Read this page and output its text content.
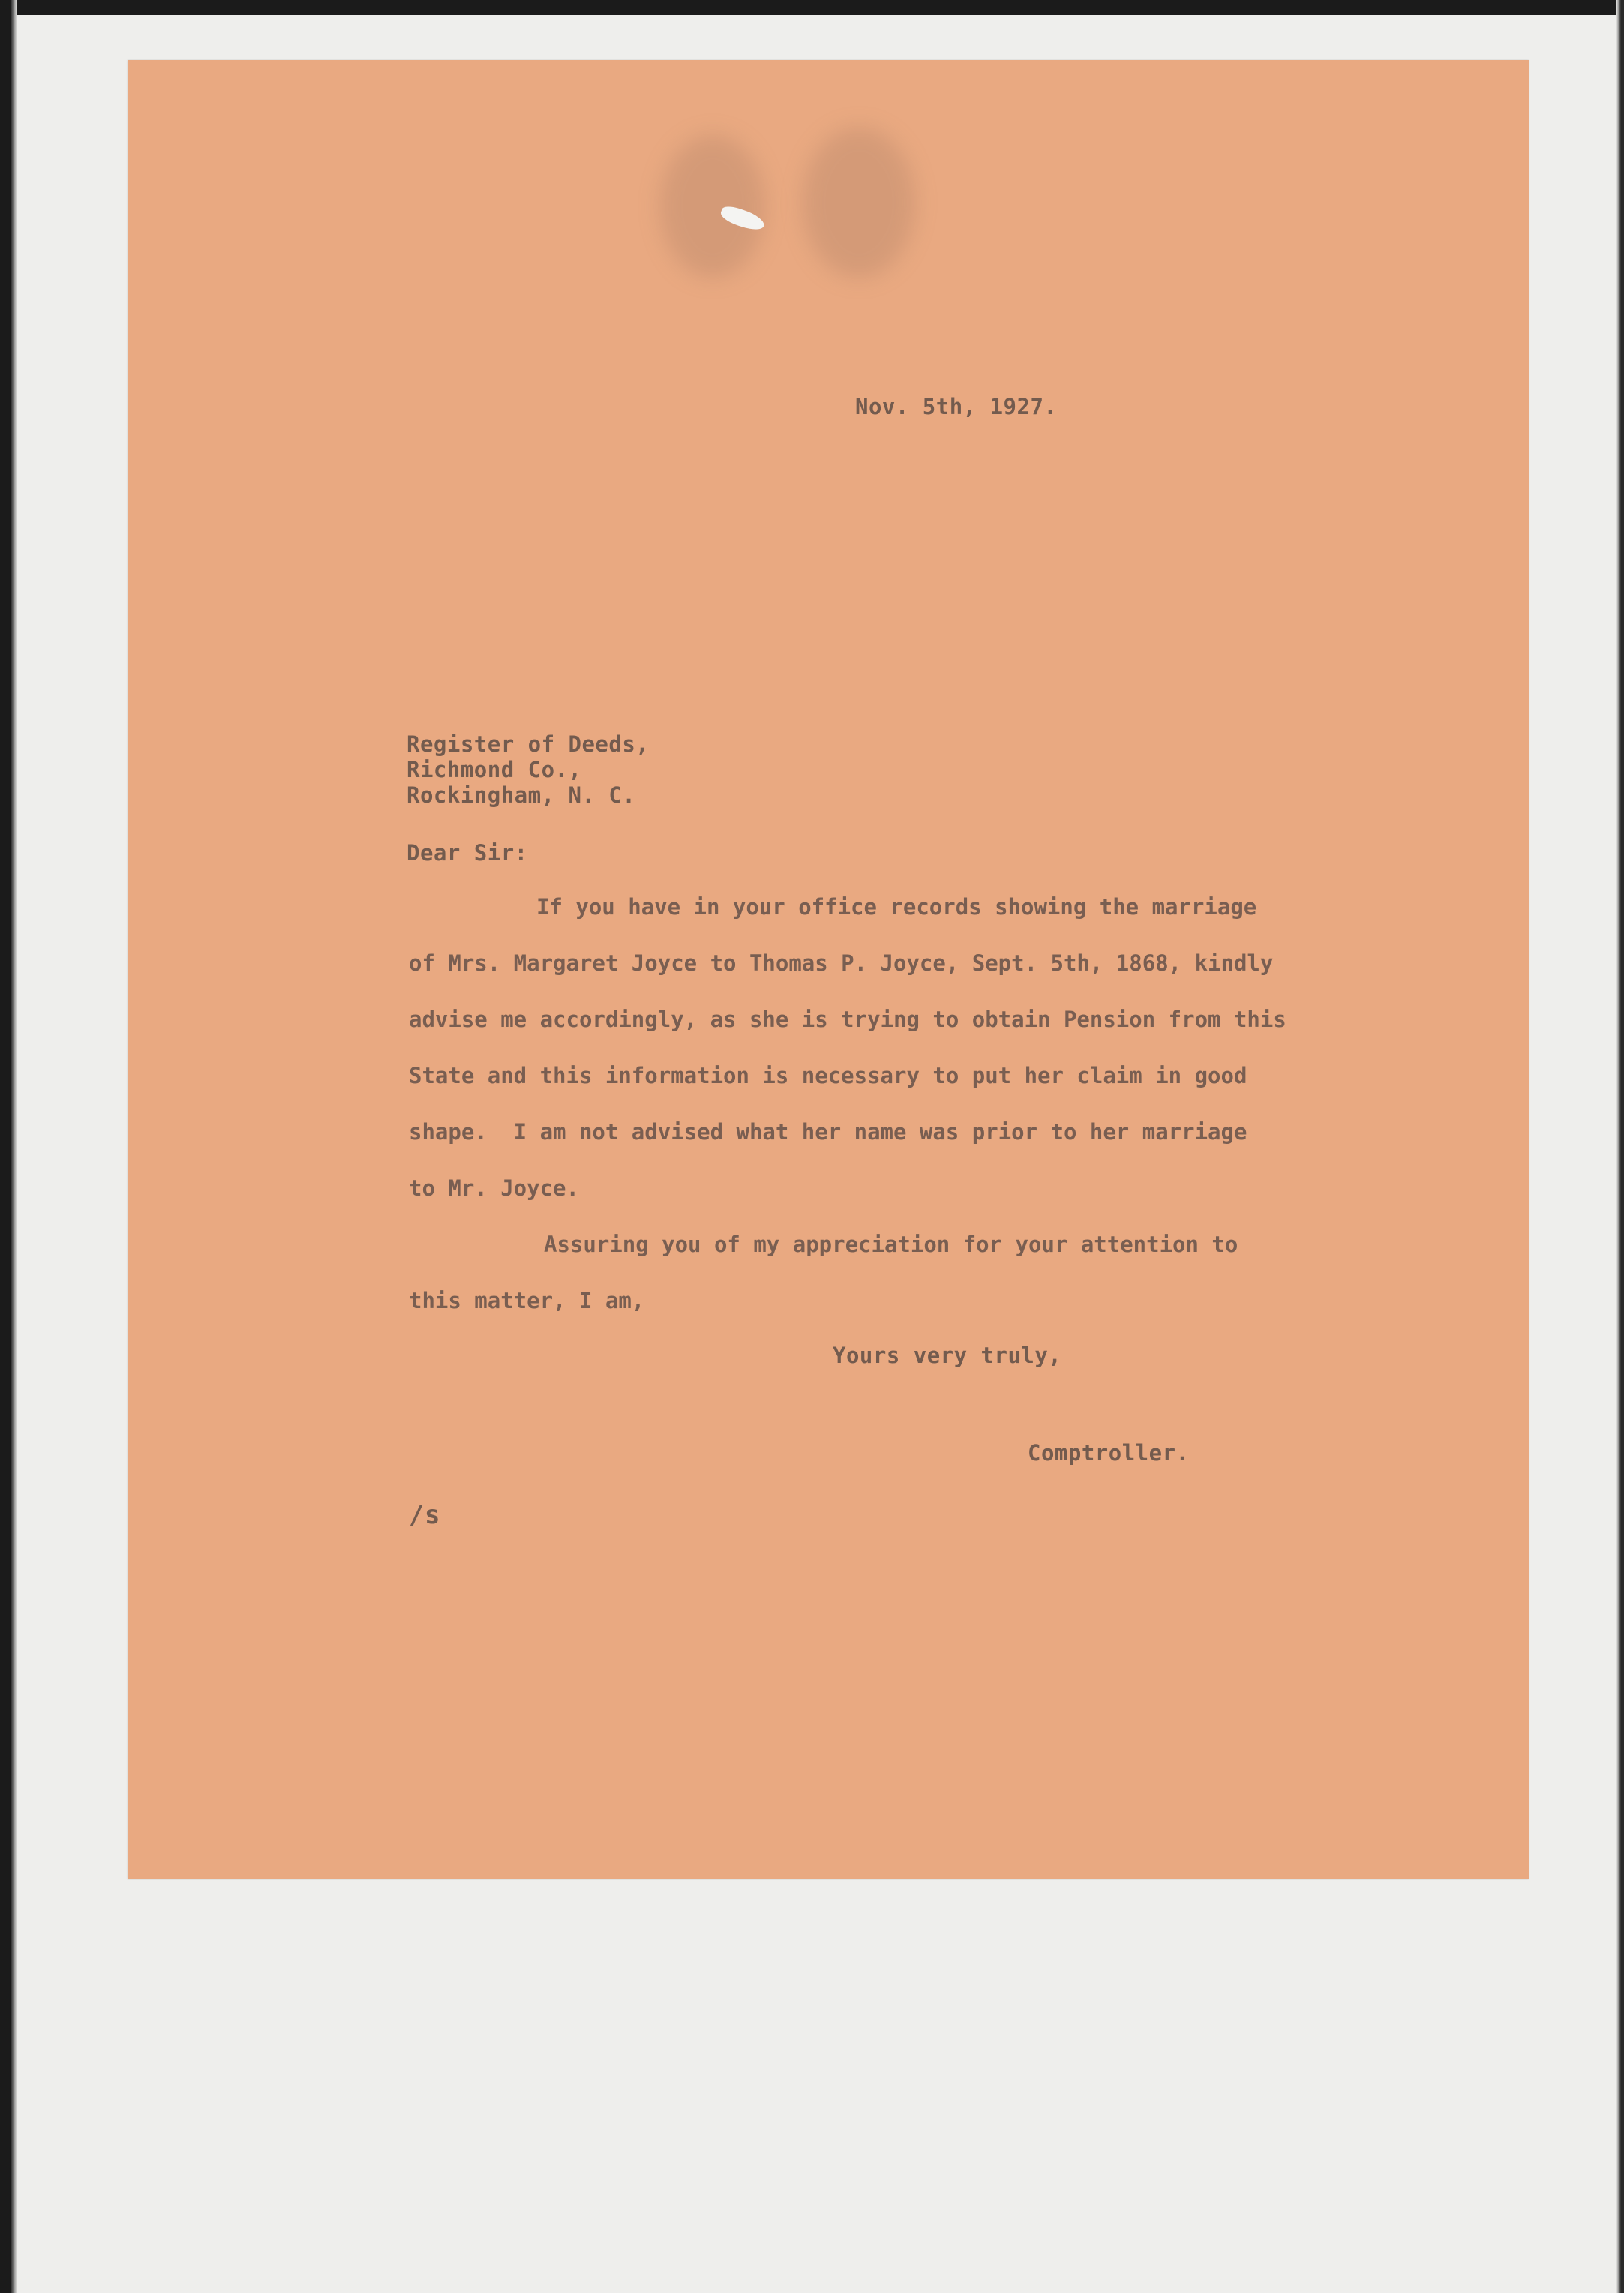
Nov. 5th, 1927.
Register of Deeds,
Richmond Co.,
Rockingham, N. C.
Dear Sir:
If you have in your office records showing the marriage
of Mrs. Margaret Joyce to Thomas P. Joyce, Sept. 5th, 1868, kindly
advise me accordingly, as she is trying to obtain Pension from this
State and this information is necessary to put her claim in good
shape.  I am not advised what her name was prior to her marriage
to Mr. Joyce.
Assuring you of my appreciation for your attention to
this matter, I am,
Yours very truly,
Comptroller.
/s
